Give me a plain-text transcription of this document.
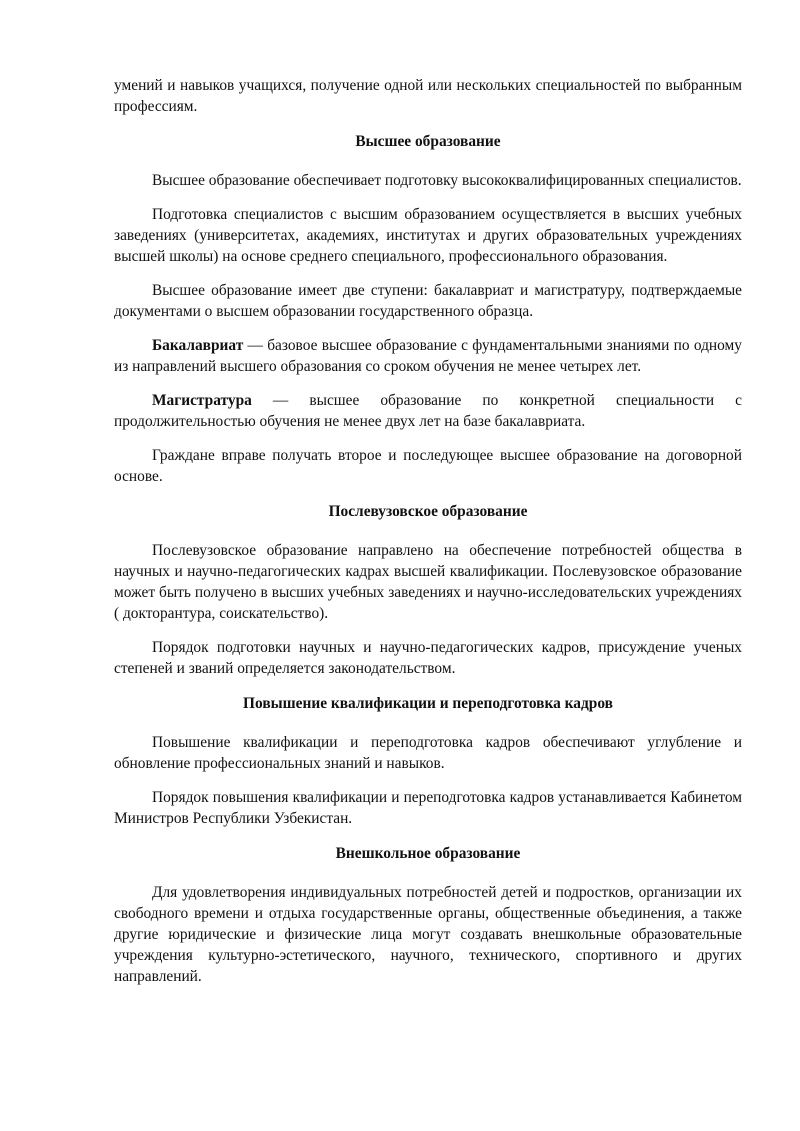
умений и навыков учащихся, получение одной или нескольких специальностей по выбранным профессиям.

Высшее образование

Высшее образование обеспечивает подготовку высококвалифицированных специалистов.

Подготовка специалистов с высшим образованием осуществляется в высших учебных заведениях (университетах, академиях, институтах и других образовательных учреждениях высшей школы) на основе среднего специального, профессионального образования.

Высшее образование имеет две ступени: бакалавриат и магистратуру, подтверждаемые документами о высшем образовании государственного образца.

Бакалавриат — базовое высшее образование с фундаментальными знаниями по одному из направлений высшего образования со сроком обучения не менее четырех лет.

Магистратура — высшее образование по конкретной специальности с продолжительностью обучения не менее двух лет на базе бакалавриата.

Граждане вправе получать второе и последующее высшее образование на договорной основе.

Послевузовское образование

Послевузовское образование направлено на обеспечение потребностей общества в научных и научно-педагогических кадрах высшей квалификации. Послевузовское образование может быть получено в высших учебных заведениях и научно-исследовательских учреждениях ( докторантура, соискательство).

Порядок подготовки научных и научно-педагогических кадров, присуждение ученых степеней и званий определяется законодательством.

Повышение квалификации и переподготовка кадров

Повышение квалификации и переподготовка кадров обеспечивают углубление и обновление профессиональных знаний и навыков.

Порядок повышения квалификации и переподготовка кадров устанавливается Кабинетом Министров Республики Узбекистан.

Внешкольное образование

Для удовлетворения индивидуальных потребностей детей и подростков, организации их свободного времени и отдыха государственные органы, общественные объединения, а также другие юридические и физические лица могут создавать внешкольные образовательные учреждения культурно-эстетического, научного, технического, спортивного и других направлений.
